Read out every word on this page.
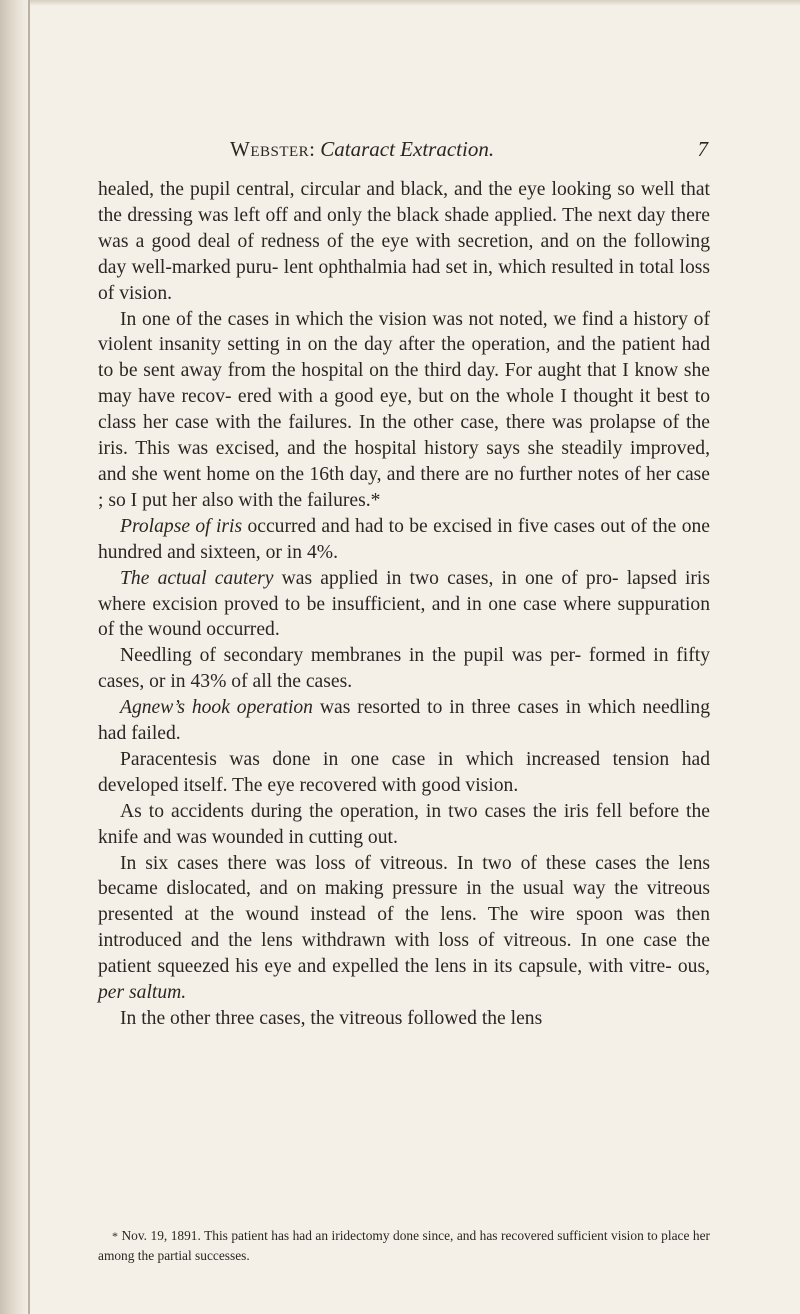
Webster: Cataract Extraction.	7

healed, the pupil central, circular and black, and the eye looking so well that the dressing was left off and only the black shade applied. The next day there was a good deal of redness of the eye with secretion, and on the following day well-marked puru- lent ophthalmia had set in, which resulted in total loss of vision.

In one of the cases in which the vision was not noted, we find a history of violent insanity setting in on the day after the operation, and the patient had to be sent away from the hospital on the third day. For aught that I know she may have recov- ered with a good eye, but on the whole I thought it best to class her case with the failures. In the other case, there was prolapse of the iris. This was excised, and the hospital history says she steadily improved, and she went home on the 16th day, and there are no further notes of her case ; so I put her also with the failures.*

Prolapse of iris occurred and had to be excised in five cases out of the one hundred and sixteen, or in 4%.

The actual cautery was applied in two cases, in one of pro- lapsed iris where excision proved to be insufficient, and in one case where suppuration of the wound occurred.

Needling of secondary membranes in the pupil was per- formed in fifty cases, or in 43% of all the cases.

Agnew’s hook operation was resorted to in three cases in which needling had failed.

Paracentesis was done in one case in which increased tension had developed itself. The eye recovered with good vision.

As to accidents during the operation, in two cases the iris fell before the knife and was wounded in cutting out.

In six cases there was loss of vitreous. In two of these cases the lens became dislocated, and on making pressure in the usual way the vitreous presented at the wound instead of the lens. The wire spoon was then introduced and the lens withdrawn with loss of vitreous. In one case the patient squeezed his eye and expelled the lens in its capsule, with vitre- ous, per saltum.

In the other three cases, the vitreous followed the lens

* Nov. 19, 1891. This patient has had an iridectomy done since, and has recovered sufficient vision to place her among the partial successes.
